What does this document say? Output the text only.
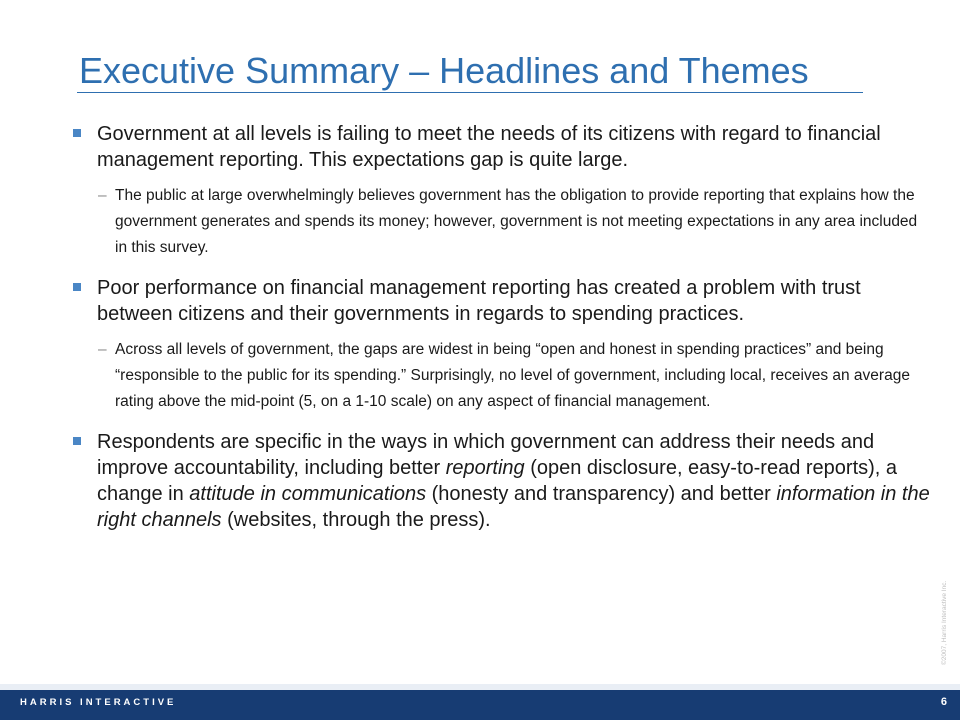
Executive Summary – Headlines and Themes
Government at all levels is failing to meet the needs of its citizens with regard to financial management reporting. This expectations gap is quite large.
– The public at large overwhelmingly believes government has the obligation to provide reporting that explains how the government generates and spends its money; however, government is not meeting expectations in any area included in this survey.
Poor performance on financial management reporting has created a problem with trust between citizens and their governments in regards to spending practices.
– Across all levels of government, the gaps are widest in being “open and honest in spending practices” and being “responsible to the public for its spending.” Surprisingly, no level of government, including local, receives an average rating above the mid-point (5, on a 1-10 scale) on any aspect of financial management.
Respondents are specific in the ways in which government can address their needs and improve accountability, including better reporting (open disclosure, easy-to-read reports), a change in attitude in communications (honesty and transparency) and better information in the right channels (websites, through the press).
©2007, Harris Interactive Inc.
HARRIS INTERACTIVE	6
